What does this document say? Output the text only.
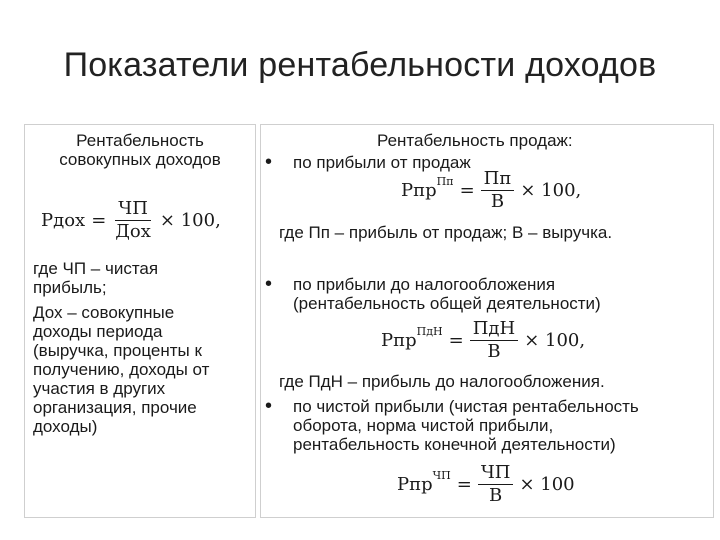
Показатели рентабельности доходов
Рентабельность
совокупных доходов
Рдох = $\frac{ЧП}{\text{Дох}} \times 100$,
где ЧП – чистая
прибыль;
Дох – совокупные
доходы периода
(выручка, проценты к
получению, доходы от
участия в других
организация, прочие
доходы)
Рентабельность продаж:
• по прибыли от продаж
Рпр Пп = $\frac{Пп}{В} \times 100$,
где Пп – прибыль от продаж; В – выручка.
• по прибыли до налогообложения
(рентабельность общей деятельности)
Рпр ПдН = $\frac{\text{ПдН}}{В} \times 100$,
где ПдН – прибыль до налогообложения.
• по чистой прибыли (чистая рентабельность
оборота, норма чистой прибыли,
рентабельность конечной деятельности)
Рпр ЧП = $\frac{ЧП}{В} \times 100$
